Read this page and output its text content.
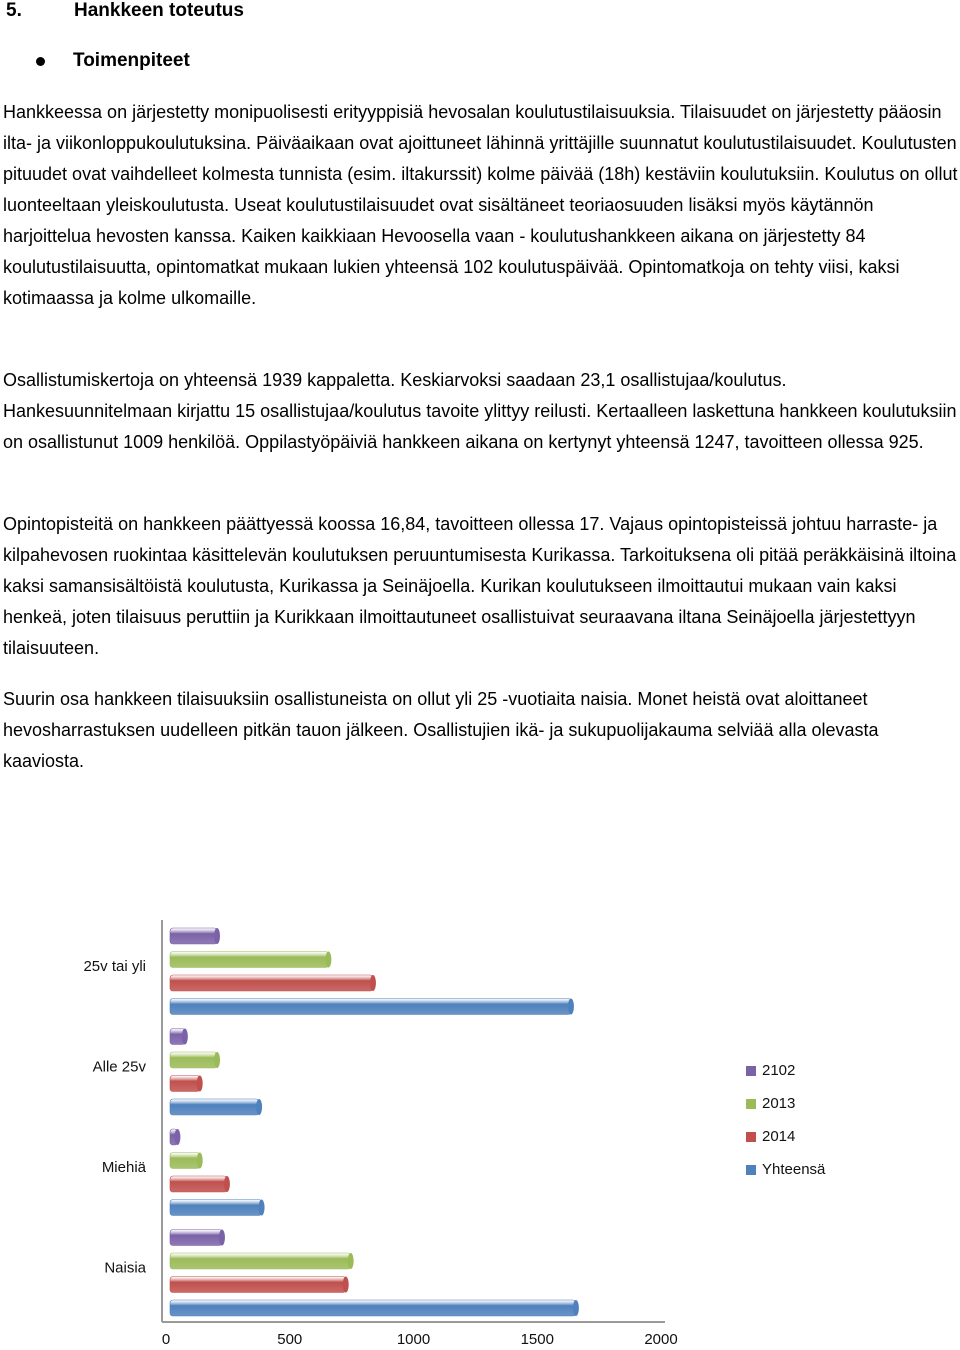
5.	Hankkeen toteutus
Toimenpiteet

Hankkeessa on järjestetty monipuolisesti erityyppisiä hevosalan koulutustilaisuuksia. Tilaisuudet on järjestetty pääosin ilta- ja viikonloppukoulutuksina. Päiväaikaan ovat ajoittuneet lähinnä yrittäjille suunnatut koulutustilaisuudet. Koulutusten pituudet ovat vaihdelleet kolmesta tunnista (esim. iltakurssit) kolme päivää (18h) kestäviin koulutuksiin. Koulutus on ollut luonteeltaan yleiskoulutusta. Useat koulutustilaisuudet ovat sisältäneet teoriaosuuden lisäksi myös käytännön harjoittelua hevosten kanssa. Kaiken kaikkiaan Hevoosella vaan - koulutushankkeen aikana on järjestetty 84 koulutustilaisuutta, opintomatkat mukaan lukien yhteensä 102 koulutuspäivää. Opintomatkoja on tehty viisi, kaksi kotimaassa ja kolme ulkomaille.

Osallistumiskertoja on yhteensä 1939 kappaletta. Keskiarvoksi saadaan 23,1 osallistujaa/koulutus. Hankesuunnitelmaan kirjattu 15 osallistujaa/koulutus tavoite ylittyy reilusti. Kertaalleen laskettuna hankkeen koulutuksiin on osallistunut 1009 henkilöä. Oppilastyöpäiviä hankkeen aikana on kertynyt yhteensä 1247, tavoitteen ollessa 925.

Opintopisteitä on hankkeen päättyessä koossa 16,84, tavoitteen ollessa 17. Vajaus opintopisteissä johtuu harraste- ja kilpahevosen ruokintaa käsittelevän koulutuksen peruuntumisesta Kurikassa. Tarkoituksena oli pitää peräkkäisinä iltoina kaksi samansisältöistä koulutusta, Kurikassa ja Seinäjoella. Kurikan koulutukseen ilmoittautui mukaan vain kaksi henkeä, joten tilaisuus peruttiin ja Kurikkaan ilmoittautuneet osallistuivat seuraavana iltana Seinäjoella järjestettyyn tilaisuuteen.

Suurin osa hankkeen tilaisuuksiin osallistuneista on ollut yli 25 -vuotiaita naisia. Monet heistä ovat aloittaneet hevosharrastuksen uudelleen pitkän tauon jälkeen. Osallistujien ikä- ja sukupuolijakauma selviää alla olevasta kaaviosta.

25v tai yli
Alle 25v
Miehiä
Naisia
0	500	1000	1500	2000
2102
2013
2014
Yhteensä
